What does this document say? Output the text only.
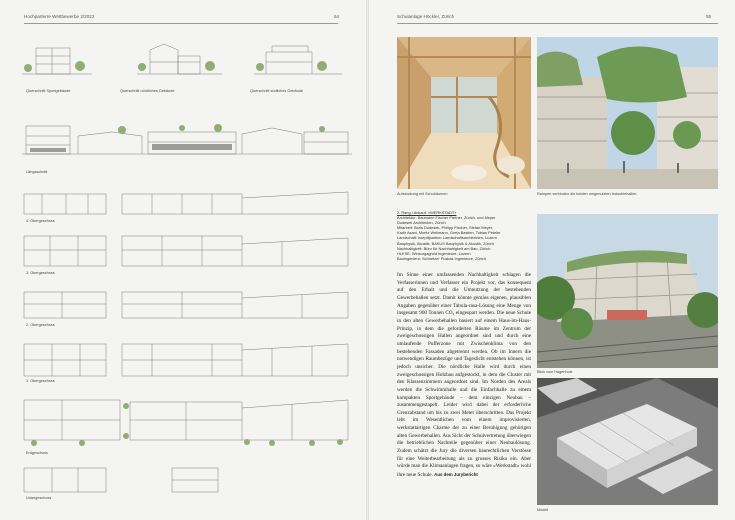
Hochparterre Wettbewerbe 2/2022	54
Querschnitt Sportgebäude	Querschnitt nördliches Gebäude	Querschnitt südliches Gebäude
Längsschnitt
4. Obergeschoss
3. Obergeschoss
2. Obergeschoss
1. Obergeschoss
Erdgeschoss
Untergeschoss
Schulanlage Höckler, Zürich	55
Aufstockung mit Schulräumen	Rampen verbinden die beiden umgenutzten Industriehallen.

2. Rang / Ankauf: «WERKSTADT»

Architektur: Baumann Fischer Partner, Zürich, und Meyer

Dudesek Architekten, Zürich

Mitarbeit: Boris Dudesek, Philipp Fischer, Stefan Meyer,

Kadir Asani, Moritz Wellmann, Greta Bastien, Tobias Peteler

Landschaft: koepflipartner Landschaftsarchitekten, Luzern

Bauphysik, Akustik: BAKUS Bauphysik & Akustik, Zürich

Nachhaltigkeit: Büro für Nachhaltigkeit am Bau, Zürich

HLKSE: Winsurgagroid Ingenieure, Luzern

Bauingenieur: Schnetzer Puskas Ingenieure, Zürich

Im Sinne einer umfassenden Nachhaltigkeit schlagen die Verfasserinnen und Verfasser ein Projekt vor, das konsequent auf den Erhalt und die Umnutzung der bestehenden Gewerbehallen setzt. Damit könnte gemäss eigenen, plausiblen Angaben gegenüber einer Tabula-rasa-Lösung eine Menge von insgesamt 900 Tonnen CO₂ eingespart werden. Die neue Schule in den alten Gewerbehallen basiert auf einem Haus-im-Haus-Prinzip, in dem die geforderten Räume im Zentrum der zweigeschossigen Hallen angeordnet sind und durch eine umlaufende Pufferzone mit Zwischenklima von den bestehenden Fassaden abgetrennt werden. Ob im Innern die notwendigen Raumbezüge und Tageslicht entstehen können, ist jedoch unsicher. Die nördliche Halle wird durch einen zweigeschossigen Holzbau aufgestockt, in dem die Cluster mit den Klassenzimmern angeordnet sind. Im Norden des Areals werden die Schwimmhalle und die Einfachhalle zu einem kompakten Sportgebäude – dem einzigen Neubau – zusammengestapelt. Leider wird dabei der erforderliche Grenzabstand um bis zu zwei Meter überschritten. Das Projekt lebt im Wesentlichen vom einem improvisierten, werkstattartigen Charme der zu einer Beruhigung gehörigen alten Gewerbehallen. Aus Sicht der Schulvertretung überwiegen die betrieblichen Nachteile gegenüber einer Neubaulösung. Zudem schätzt die Jury die diversen baurechtlichen Verstösse für eine Weiterbearbeitung als zu grosses Risiko ein. Aber würde man die Klimaanlagen fragen, so wäre «Werkstadt» wohl ihre neue Schule. Aus dem Jurybericht

Blick vom Hagenholz
Modell
